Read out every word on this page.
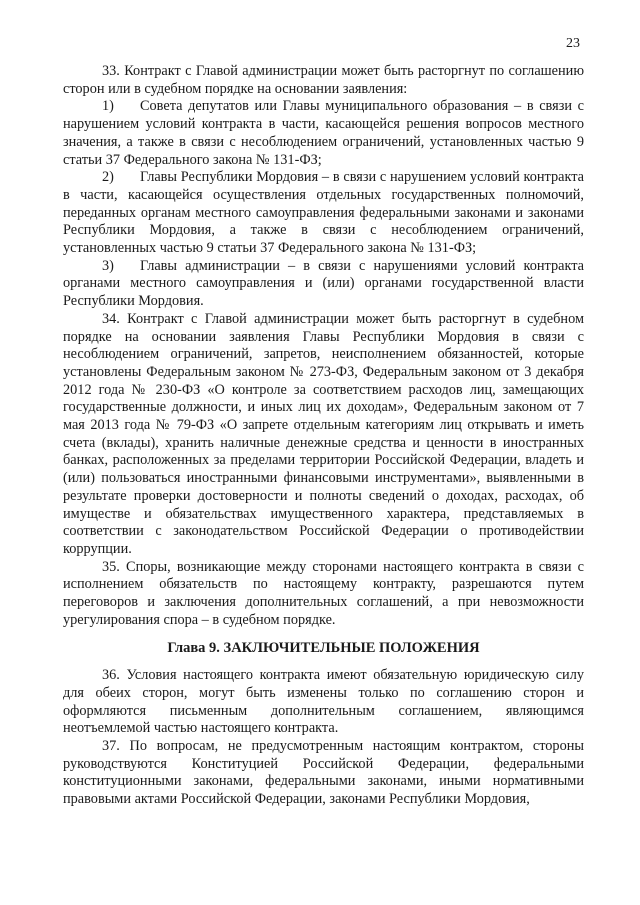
23

33. Контракт с Главой администрации может быть расторгнут по соглашению сторон или в судебном порядке на основании заявления:

1) Совета депутатов или Главы муниципального образования – в связи с нарушением условий контракта в части, касающейся решения вопросов местного значения, а также в связи с несоблюдением ограничений, установленных частью 9 статьи 37 Федерального закона № 131-ФЗ;

2) Главы Республики Мордовия – в связи с нарушением условий контракта в части, касающейся осуществления отдельных государственных полномочий, переданных органам местного самоуправления федеральными законами и законами Республики Мордовия, а также в связи с несоблюдением ограничений, установленных частью 9 статьи 37 Федерального закона № 131-ФЗ;

3) Главы администрации – в связи с нарушениями условий контракта органами местного самоуправления и (или) органами государственной власти Республики Мордовия.

34. Контракт с Главой администрации может быть расторгнут в судебном порядке на основании заявления Главы Республики Мордовия в связи с несоблюдением ограничений, запретов, неисполнением обязанностей, которые установлены Федеральным законом № 273-ФЗ, Федеральным законом от 3 декабря 2012 года № 230-ФЗ «О контроле за соответствием расходов лиц, замещающих государственные должности, и иных лиц их доходам», Федеральным законом от 7 мая 2013 года № 79-ФЗ «О запрете отдельным категориям лиц открывать и иметь счета (вклады), хранить наличные денежные средства и ценности в иностранных банках, расположенных за пределами территории Российской Федерации, владеть и (или) пользоваться иностранными финансовыми инструментами», выявленными в результате проверки достоверности и полноты сведений о доходах, расходах, об имуществе и обязательствах имущественного характера, представляемых в соответствии с законодательством Российской Федерации о противодействии коррупции.

35. Споры, возникающие между сторонами настоящего контракта в связи с исполнением обязательств по настоящему контракту, разрешаются путем переговоров и заключения дополнительных соглашений, а при невозможности урегулирования спора – в судебном порядке.

Глава 9. ЗАКЛЮЧИТЕЛЬНЫЕ ПОЛОЖЕНИЯ

36. Условия настоящего контракта имеют обязательную юридическую силу для обеих сторон, могут быть изменены только по соглашению сторон и оформляются письменным дополнительным соглашением, являющимся неотъемлемой частью настоящего контракта.

37. По вопросам, не предусмотренным настоящим контрактом, стороны руководствуются Конституцией Российской Федерации, федеральными конституционными законами, федеральными законами, иными нормативными правовыми актами Российской Федерации, законами Республики Мордовия,
